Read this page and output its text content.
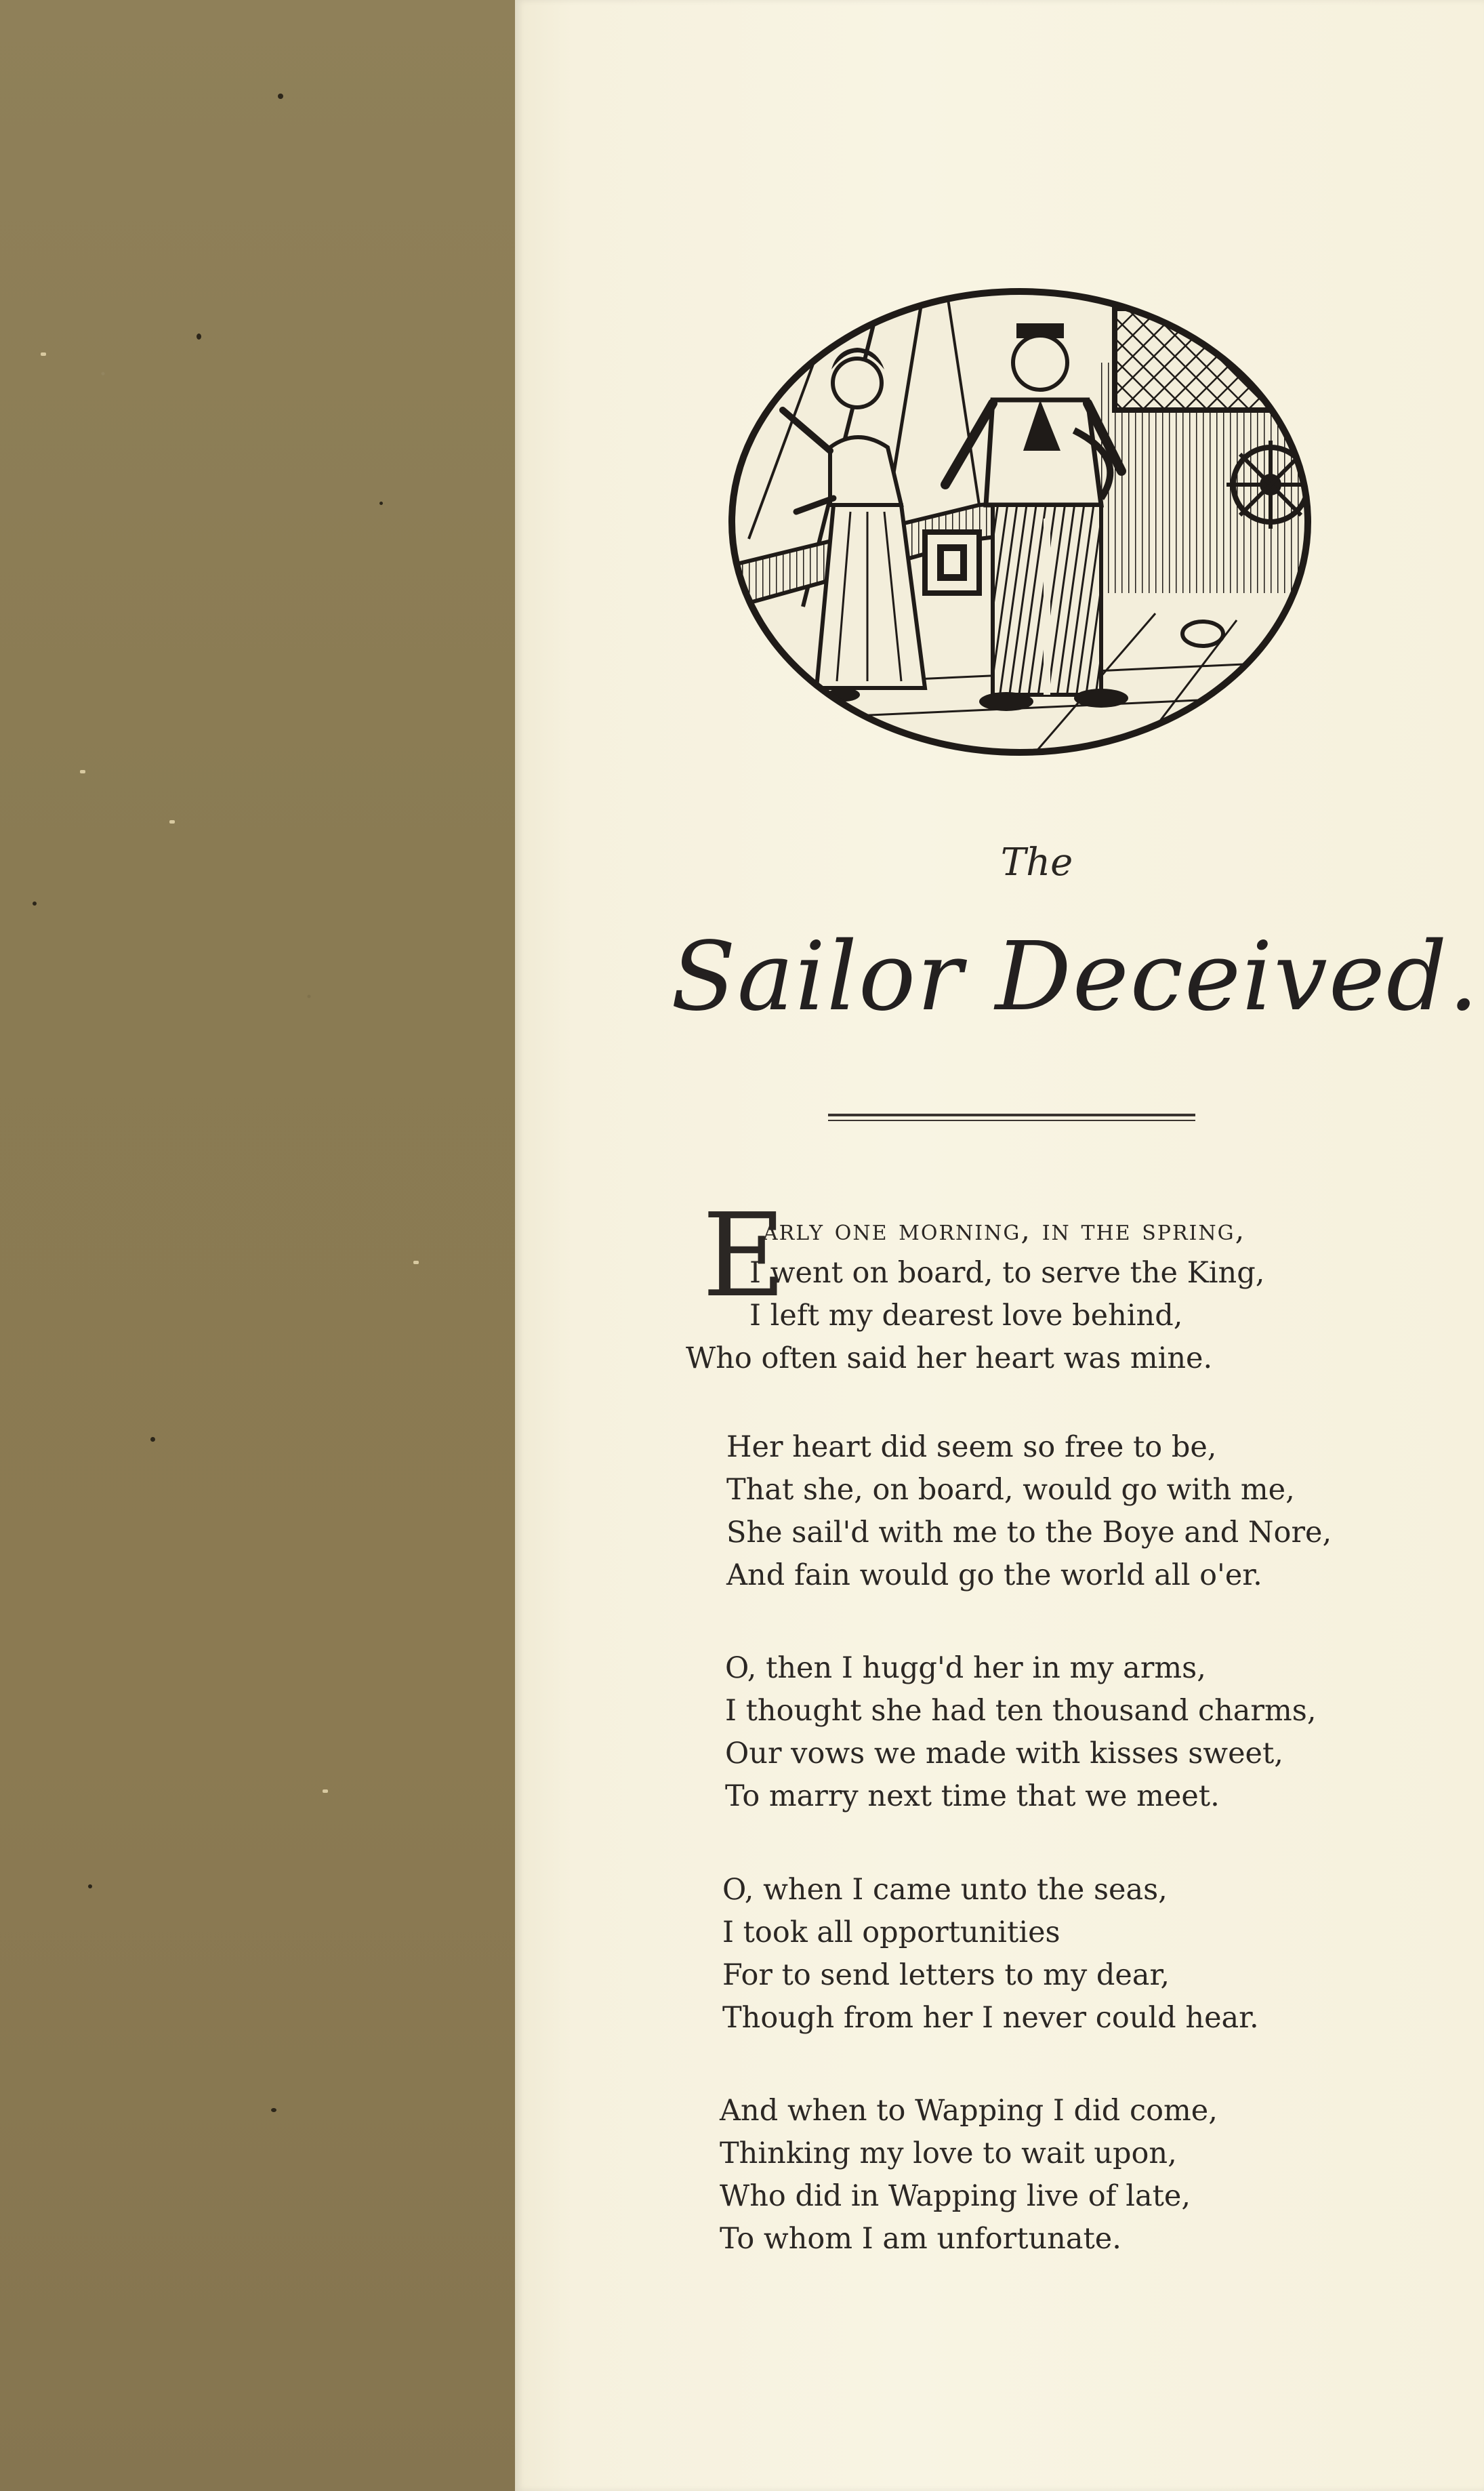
The
Sailor Deceived.
E
arly one morning, in the spring,
I went on board, to serve the King,
I left my dearest love behind,
Who often said her heart was mine.
Her heart did seem so free to be,
That she, on board, would go with me,
She sail'd with me to the Boye and Nore,
And fain would go the world all o'er.
O, then I hugg'd her in my arms,
I thought she had ten thousand charms,
Our vows we made with kisses sweet,
To marry next time that we meet.
O, when I came unto the seas,
I took all opportunities
For to send letters to my dear,
Though from her I never could hear.
And when to Wapping I did come,
Thinking my love to wait upon,
Who did in Wapping live of late,
To whom I am unfortunate.
